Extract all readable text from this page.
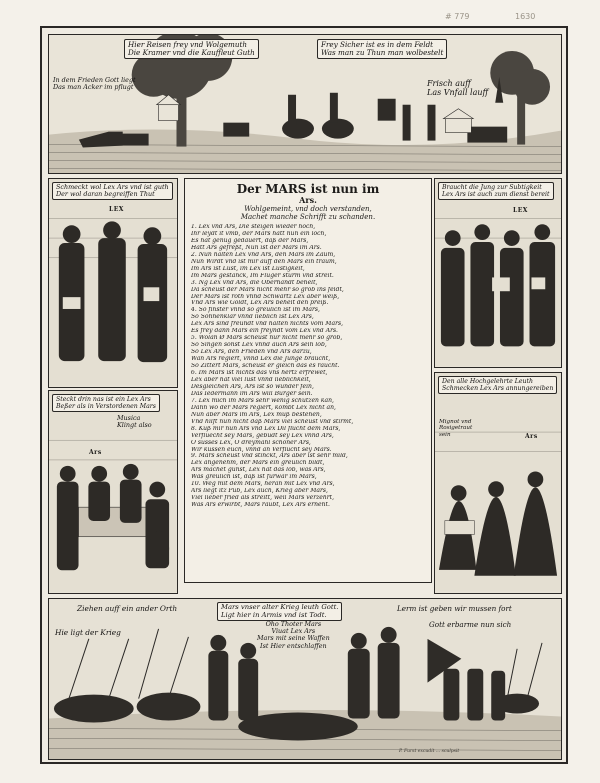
# 779	1630
Hier Reisen frey vnd Wolgemuth
Die Kramer vnd die Kauffleut Guth
Frey Sicher ist es in dem Feldt
Was man zu Thun man wolbestelt
In dem Frieden Gott liegt
Das man Acker im pflugt	Frisch auff
Las Vnfall lauff
Schmeckt wol Lex Ars vnd ist guth
Der wol daran begreiffen Thut
LEX
Steckt drin nas ist ein Lex Ars
Beßer als in Verstordenen Mars
Musica
Klingt also
Ars
Der MARS ist nun im
Ars.
Wohlgemeint, vnd doch verstanden,
Machet manche Schrifft zu schanden.
1. Lex vnd Ars, Die steigen wieder hoch,
Ihr leydt it vmb, der Mars hatt nun ein loch,
Es hat genug gedauert, daß der Mars,
Hatt Ars gefreßt, Nun ist der Mars im Ars.
2. Nun halten Lex vnd Ars, den Mars im Zaum,
Nun Wirdt vnd ist mir auff den Märs ein traum,
Im Ars ist Lust, im Lex ist Lustigkeit,
Im Mars gestanck, Im Fluger sturm vnd streit.
3. Ng Lex vnd Ars, die Oberhandt behelt,
Da scheust der Mars nicht mehr so grob ins feldt,
Der Mars ist roth vnnd Schwartz Lex aber weiß,
Vnd Ars wie Goldt, Lex Ars behelt den preiß.
4. So finster vnnd so greulich ist im Mars,
So Sonnenklar vnnd lieblich ist Lex Ars,
Lex Ars sind freundt vnd halten nichts vom Mars,
Es frey dann Mars ein freyndt vom Lex vnd Ars.
5. Wolan Ø Mars scheust nur nicht mehr so grob,
So Singen sonst Lex vnnd auch Ars sein lob,
So Lex Ars, den Frieden vnd Ars darzu,
Wan Ars regiert, vnnd Lex die Junge braucht,
So Zittert Mars, scheust er gleich das es raucht.
6. Im Mars ist nichts das vns hertz erfrewet,
Lex aber hat viel lust vnnd lieblichkeit,
Desgleichen Ars, Ars ist so wunder fein,
Das Iedermann im Ars will Burger sein.
7. Lex mich im Mars sehr wenig schutzen kan,
Dann wo der Mars regiert, kombt Lex nicht an,
Nun aber Mars im Ars, Lex muß bestehen,
Vnd hilft nun nicht daß Mars viel scheust vnd stirmt,
8. Kuß mir nun Ars vnd Lex Dil flucht dem Mars,
Verfluecht sey Mars, gebudt sey Lex vnnd Ars,
O süsses Lex, O dreymahl schöner Ars,
Wir küssen euch, vnnd an Verflucht sey Mars.
9. Mars scheust vnd stinckt, Ars aber ist sehr mild,
Lex angenehm, der Märs ein greulich bildt,
Ars machet gunst, Lex hat das lob, was Ars,
Was greulich ist, daß ist furwar im Mars,
10. Weg mit dem Mars, heran mit Lex vnd Ars,
Ars liegt itz Pub, Lex auch, Krieg aber Mars,
Viel lieber fried als streitt, weil Mars verzehrt,
Was Ars erwirbt, Mars raubt, Lex Ars erneht.
Braucht die Jung zur Subtigkeit
Lex Ars ist auch zum dienst bereit
LEX
Den alle Hochgelehrte Leuth
Schmecken Lex Ars annungereiben
Mignot vnd
Rosigetraut
sein	Ars
Mars vnser alter Krieg leuth Gott.
Ligt hier in Armis vnd ist Todt.
Ziehen auff ein ander Orth	Lerm ist geben wir mussen fort
Hie ligt der Krieg
Oho Thoter Mars
Viuat Lex Ars
Mars mit seine Waffen
Ist Hier entschlaffen
Gott erbarme nun sich
P. Furst excudit ... sculpsit
